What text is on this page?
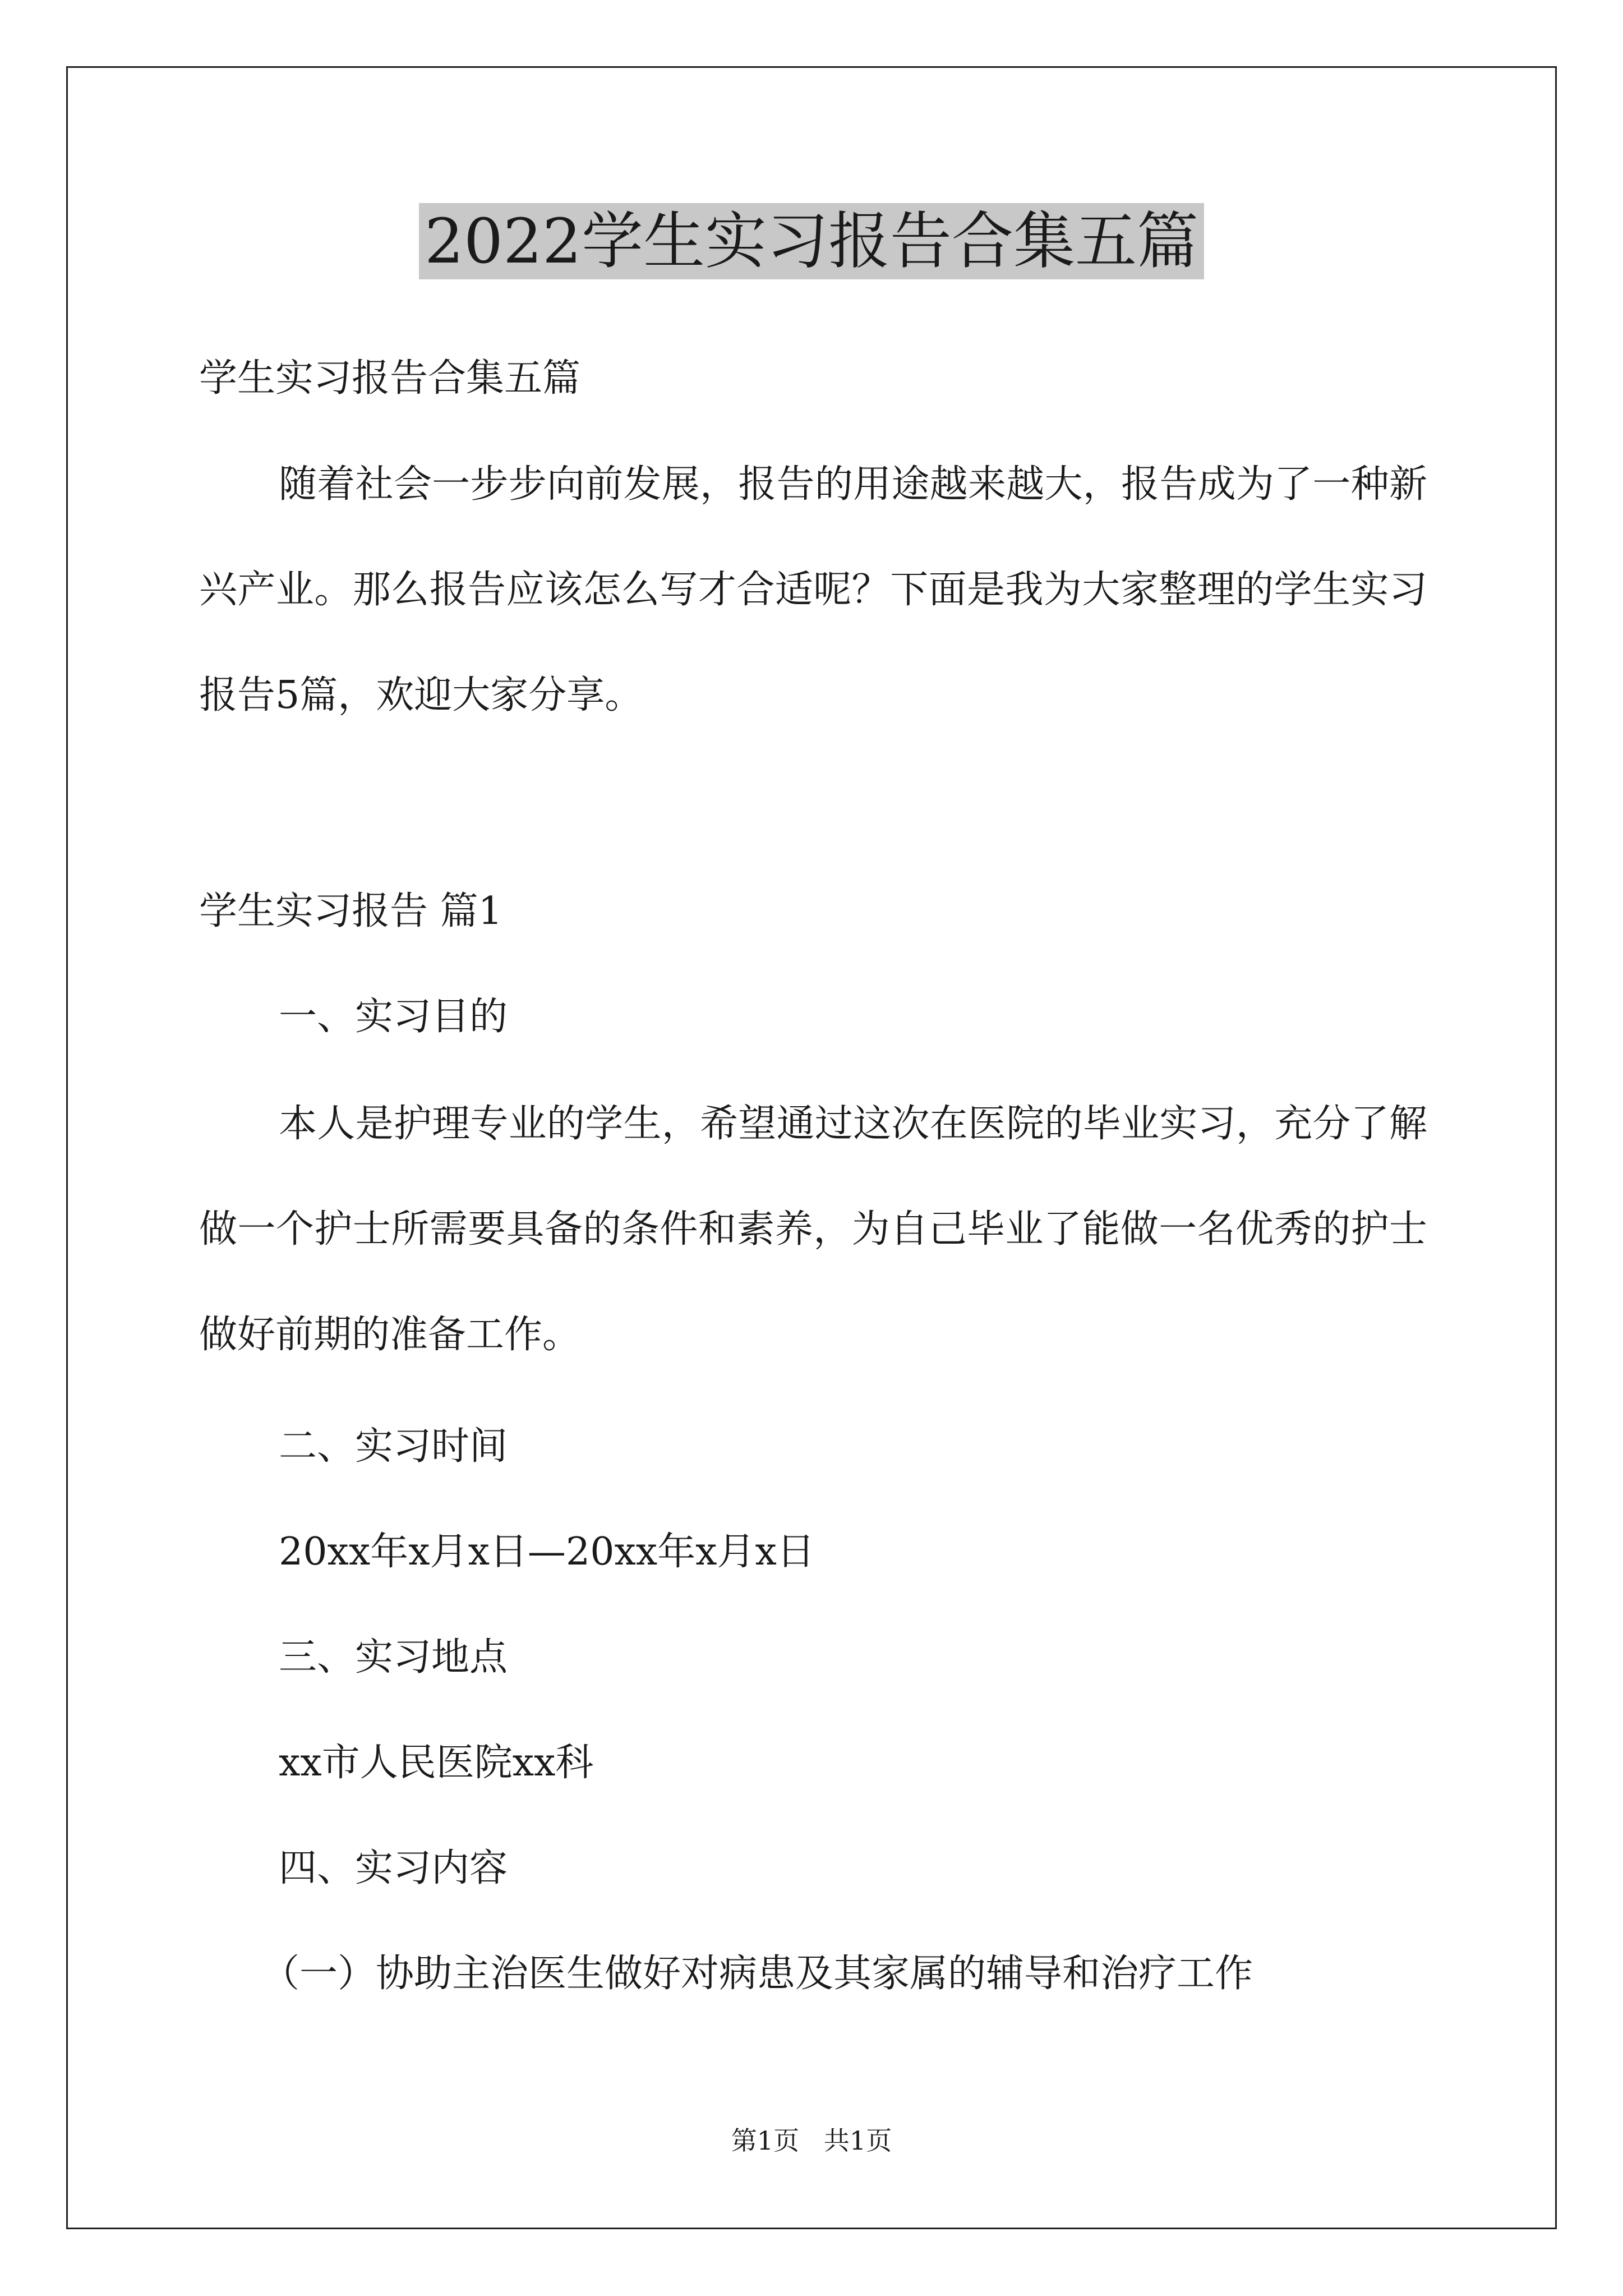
2022学生实习报告合集五篇
学生实习报告合集五篇
随着社会一步步向前发展，报告的用途越来越大，报告成为了一种新兴产业。那么报告应该怎么写才合适呢？下面是我为大家整理的学生实习报告5篇，欢迎大家分享。
学生实习报告 篇1
一、实习目的
本人是护理专业的学生，希望通过这次在医院的毕业实习，充分了解做一个护士所需要具备的条件和素养，为自己毕业了能做一名优秀的护士做好前期的准备工作。
二、实习时间
20xx年x月x日—20xx年x月x日
三、实习地点
xx市人民医院xx科
四、实习内容
（一）协助主治医生做好对病患及其家属的辅导和治疗工作
第1页   共1页
